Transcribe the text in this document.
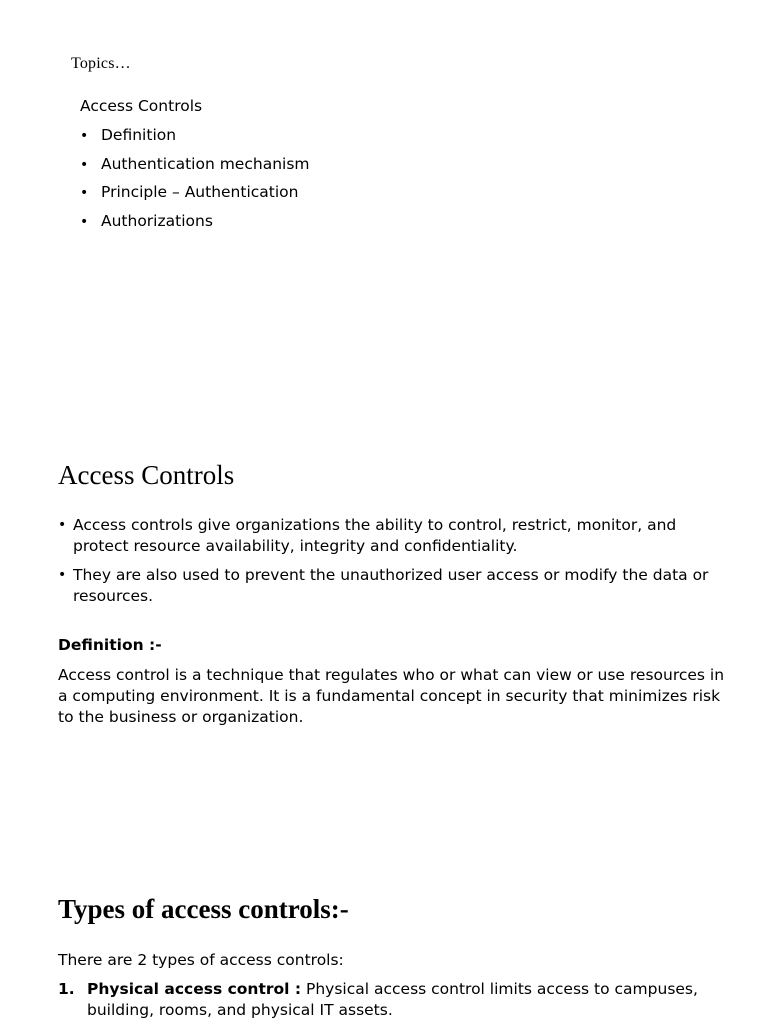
Topics…
Access Controls
• Definition
• Authentication mechanism
• Principle – Authentication
• Authorizations
Access Controls
• Access controls give organizations the ability to control, restrict, monitor, and protect resource availability, integrity and confidentiality.
• They are also used to prevent the unauthorized user access or modify the data or resources.
Definition :-
Access control is a technique that regulates who or what can view or use resources in a computing environment. It is a fundamental concept in security that minimizes risk to the business or organization.
Types of access controls:-
There are 2 types of access controls:
1. Physical access control : Physical access control limits access to campuses, building, rooms, and physical IT assets.
